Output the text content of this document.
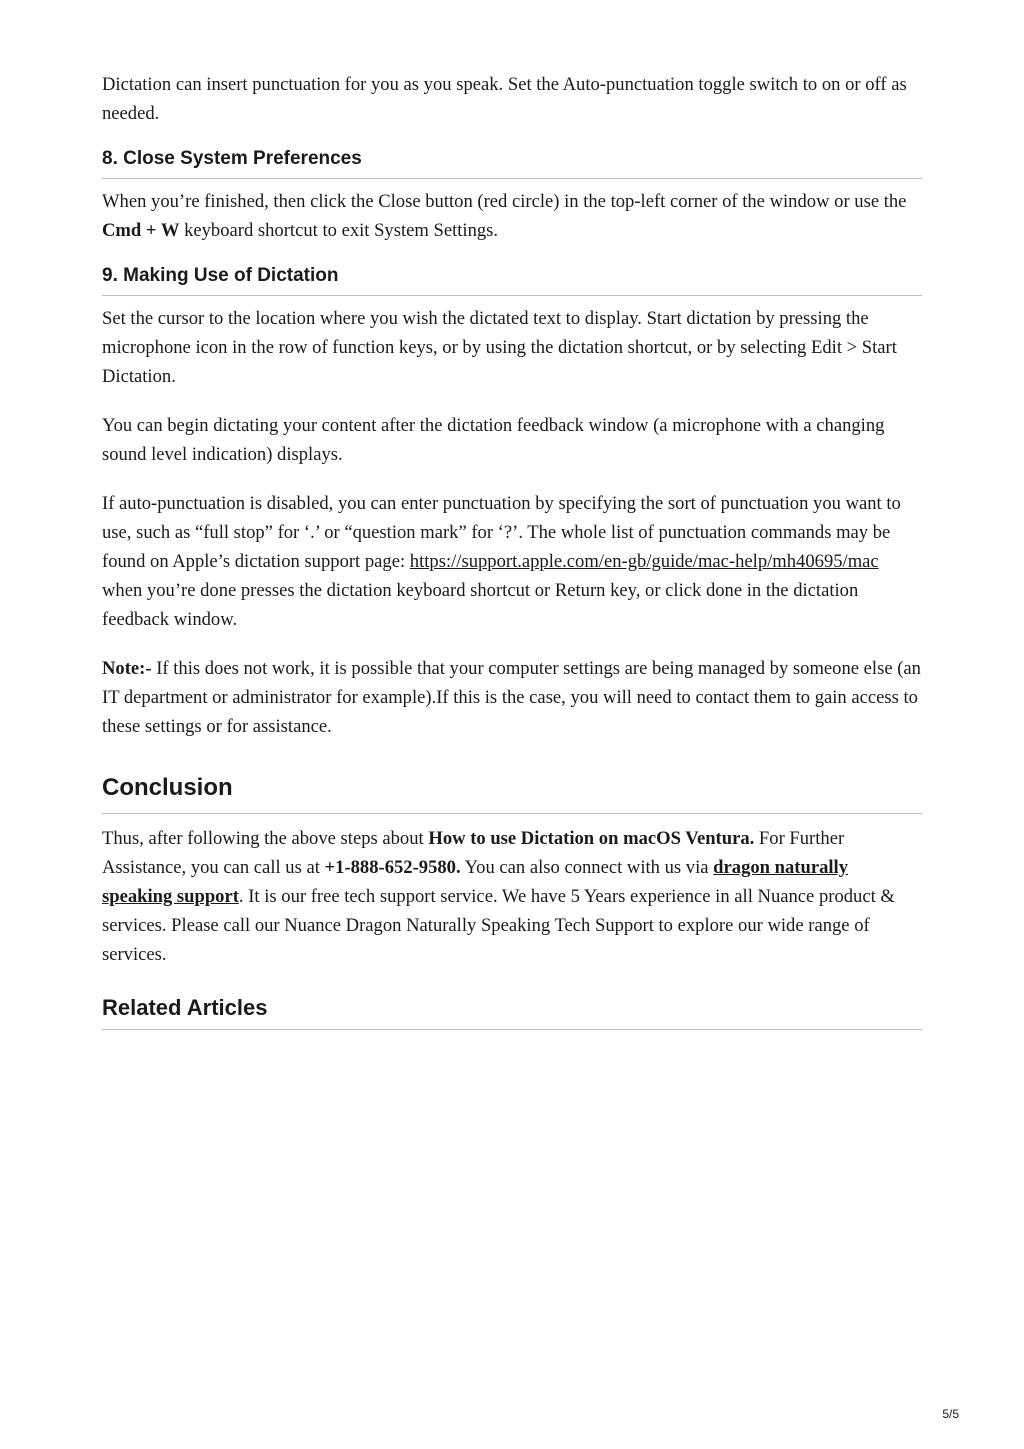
Dictation can insert punctuation for you as you speak. Set the Auto-punctuation toggle switch to on or off as needed.

8. Close System Preferences

When you’re finished, then click the Close button (red circle) in the top-left corner of the window or use the Cmd + W keyboard shortcut to exit System Settings.

9. Making Use of Dictation

Set the cursor to the location where you wish the dictated text to display. Start dictation by pressing the microphone icon in the row of function keys, or by using the dictation shortcut, or by selecting Edit > Start Dictation.

You can begin dictating your content after the dictation feedback window (a microphone with a changing sound level indication) displays.

If auto-punctuation is disabled, you can enter punctuation by specifying the sort of punctuation you want to use, such as “full stop” for ‘.’ or “question mark” for ‘?’. The whole list of punctuation commands may be found on Apple’s dictation support page: https://support.apple.com/en-gb/guide/mac-help/mh40695/mac when you’re done presses the dictation keyboard shortcut or Return key, or click done in the dictation feedback window.

Note:- If this does not work, it is possible that your computer settings are being managed by someone else (an IT department or administrator for example).If this is the case, you will need to contact them to gain access to these settings or for assistance.

Conclusion

Thus, after following the above steps about How to use Dictation on macOS Ventura. For Further Assistance, you can call us at +1-888-652-9580. You can also connect with us via dragon naturally speaking support. It is our free tech support service. We have 5 Years experience in all Nuance product & services. Please call our Nuance Dragon Naturally Speaking Tech Support to explore our wide range of services.

Related Articles
5/5
